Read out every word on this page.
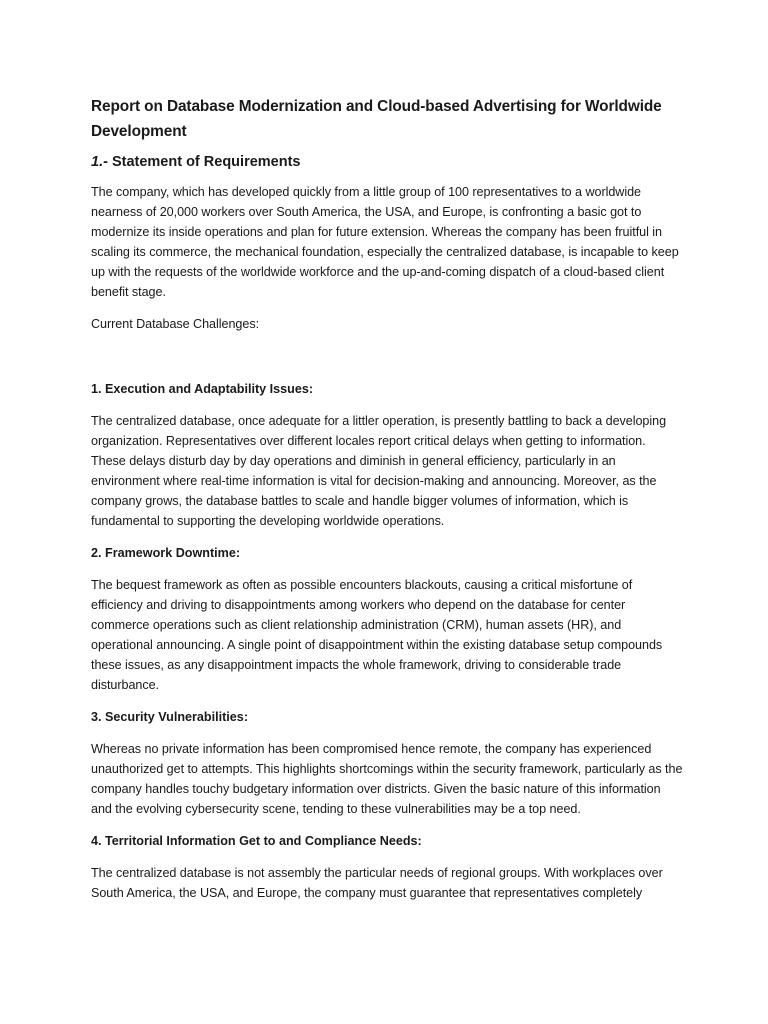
Report on Database Modernization and Cloud-based Advertising for Worldwide Development
1.- Statement of Requirements

The company, which has developed quickly from a little group of 100 representatives to a worldwide nearness of 20,000 workers over South America, the USA, and Europe, is confronting a basic got to modernize its inside operations and plan for future extension. Whereas the company has been fruitful in scaling its commerce, the mechanical foundation, especially the centralized database, is incapable to keep up with the requests of the worldwide workforce and the up-and-coming dispatch of a cloud-based client benefit stage.

Current Database Challenges:

1. Execution and Adaptability Issues:

The centralized database, once adequate for a littler operation, is presently battling to back a developing organization. Representatives over different locales report critical delays when getting to information. These delays disturb day by day operations and diminish in general efficiency, particularly in an environment where real-time information is vital for decision-making and announcing. Moreover, as the company grows, the database battles to scale and handle bigger volumes of information, which is fundamental to supporting the developing worldwide operations.

2. Framework Downtime:

The bequest framework as often as possible encounters blackouts, causing a critical misfortune of efficiency and driving to disappointments among workers who depend on the database for center commerce operations such as client relationship administration (CRM), human assets (HR), and operational announcing. A single point of disappointment within the existing database setup compounds these issues, as any disappointment impacts the whole framework, driving to considerable trade disturbance.

3. Security Vulnerabilities:

Whereas no private information has been compromised hence remote, the company has experienced unauthorized get to attempts. This highlights shortcomings within the security framework, particularly as the company handles touchy budgetary information over districts. Given the basic nature of this information and the evolving cybersecurity scene, tending to these vulnerabilities may be a top need.

4. Territorial Information Get to and Compliance Needs:

The centralized database is not assembly the particular needs of regional groups. With workplaces over South America, the USA, and Europe, the company must guarantee that representatives completely
